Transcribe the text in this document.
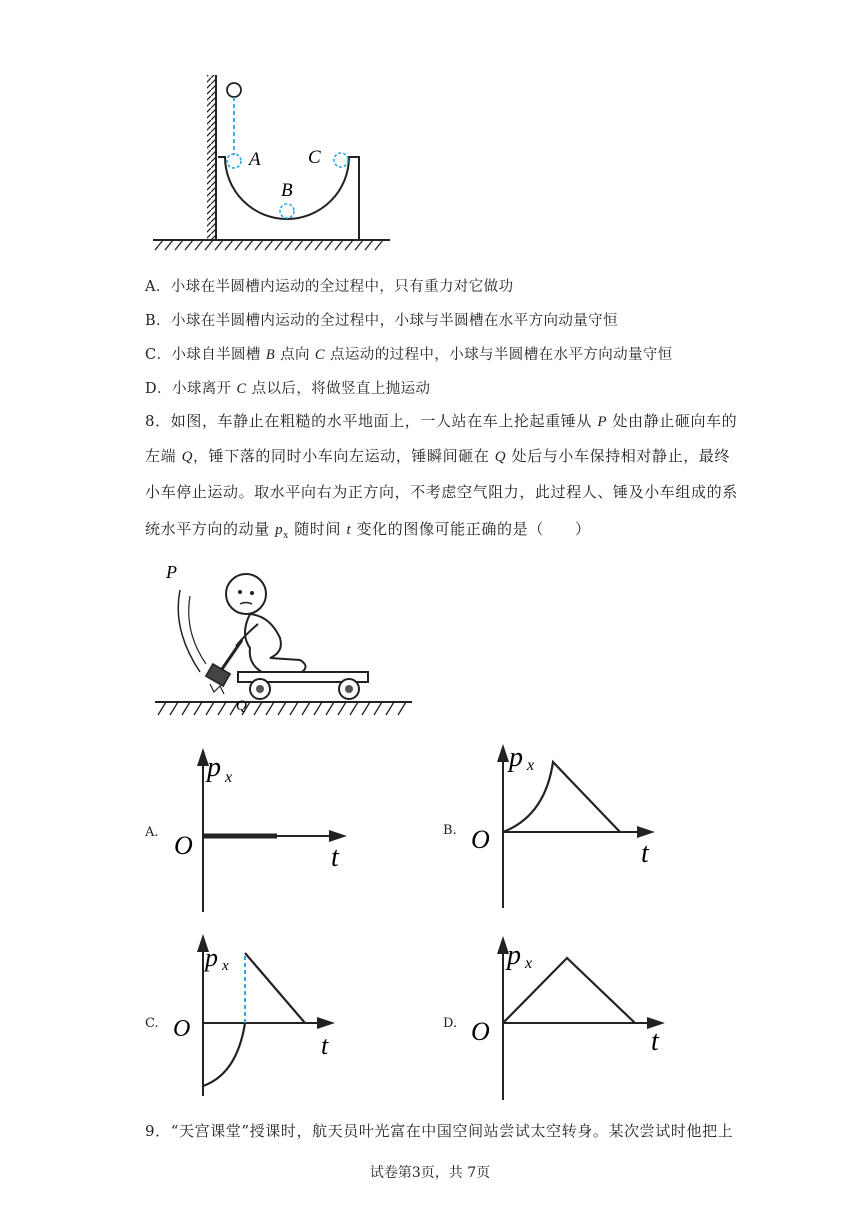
A
B
C
A．小球在半圆槽内运动的全过程中，只有重力对它做功
B．小球在半圆槽内运动的全过程中，小球与半圆槽在水平方向动量守恒
C．小球自半圆槽 B 点向 C 点运动的过程中，小球与半圆槽在水平方向动量守恒
D．小球离开 C 点以后，将做竖直上抛运动
8．如图，车静止在粗糙的水平地面上，一人站在车上抡起重锤从 P 处由静止砸向车的
左端 Q，锤下落的同时小车向左运动，锤瞬间砸在 Q 处后与小车保持相对静止，最终
小车停止运动。取水平向右为正方向，不考虑空气阻力，此过程人、锤及小车组成的系
统水平方向的动量 $p_x$ 随时间 t 变化的图像可能正确的是（　　）
P
Q
A.
p x
O	t
B.
p x
O	t
C.
p x
O
t
D.
p x
O	t
9．“天宫课堂”授课时，航天员叶光富在中国空间站尝试太空转身。某次尝试时他把上
试卷第3页，共 7页
